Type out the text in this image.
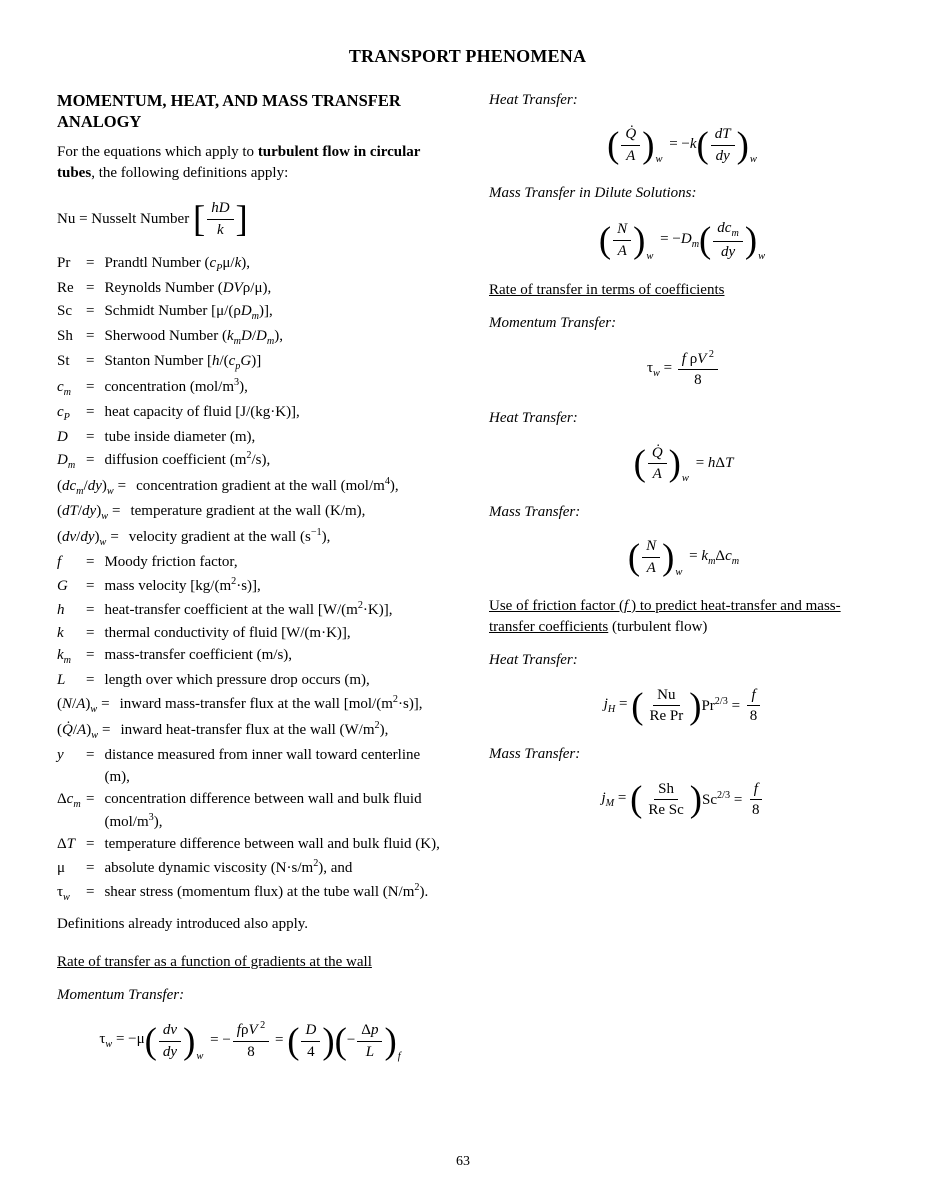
TRANSPORT PHENOMENA
MOMENTUM, HEAT, AND MASS TRANSFER ANALOGY

For the equations which apply to turbulent flow in circular tubes, the following definitions apply:

Nu = Nusselt Number [ $\frac{hD}{k}$
]
Pr	= Prandtl Number $(c_P\mu/k)$,
Re = Reynolds Number (DVρ/μ),
Sc = Schmidt Number $[\mu/(\rho D_m)]$,
Sh = Sherwood Number $(k_mD/D_m)$,
St	= Stanton Number $[h/(c_pG)]$
$c_m$ = concentration $(mol/m^3)$,
$c_P$	= heat capacity of fluid [J/(kg·K)],
D	= tube inside diameter (m),
$D_m$ = diffusion coefficient $(m^2/s)$,
$(dc_m/dy)_w$ = concentration gradient at the wall $(mol/m^4)$,
$(dT/dy)_w$ = temperature gradient at the wall (K/m),
$(dv/dy)_w$ = velocity gradient at the wall $(s^{-1})$,
f	= Moody friction factor,
G	= mass velocity $[kg/(m^2\cdot s)]$,
h	= heat-transfer coefficient at the wall $[W/(m^2\cdot K)]$,
k	= thermal conductivity of fluid [W/(m·K)],
$k_m$ = mass-transfer coefficient (m/s),
L	= length over which pressure drop occurs (m),
$(N/A)_w$ = inward mass-transfer flux at the wall $[mol/(m^2\cdot s)]$,
$(Q̇/A)_w$ = inward heat-transfer flux at the wall $(W/m^2)$,
y	= distance measured from inner wall toward centerline (m),
$\Delta c_m$ = concentration difference between wall and bulk fluid $(mol/m^3)$,
ΔT = temperature difference between wall and bulk fluid (K),
μ	= absolute dynamic viscosity $(N\cdot s/m^2)$, and
$\tau_w$	= shear stress (momentum flux) at the tube wall $(N/m^2)$.

Definitions already introduced also apply.

Rate of transfer as a function of gradients at the wall

Momentum Transfer:

$\tau_w = -\mu$ ( $\frac{dv}{dy}$
) w
= − $\frac{f\rho V ^2}{8}$ = ( $\frac{D}{4}$
) ( − $\frac{\Delta p}{L}$
) f

Heat Transfer:

( $\frac{Q̇}{A}$
) w
= −k ( $\frac{dT}{dy}$
) w

Mass Transfer in Dilute Solutions:

( $\frac{N}{A}$
) w
= $-D_m$ ( $\frac{dc_m}{dy}$
) w
Rate of transfer in terms of coefficients

Momentum Transfer:

$\tau_w = \frac{f \rho V ^2}{8}$

Heat Transfer:

( $\frac{Q̇}{A}$
) w
= hΔT

Mass Transfer:

( $\frac{N}{A}$
) w
= $k_m\Delta c_m$
Use of friction factor (f ) to predict heat-transfer and mass-transfer coefficients (turbulent flow)

Heat Transfer:

$j_H$ = ( $\frac{Nu}{\text{Re Pr}}$
) $Pr^{2/3} = \frac{f}{8}$

Mass Transfer:

$j_M$ = ( $\frac{Sh}{\text{Re Sc}}$
) $Sc^{2/3} = \frac{f}{8}$
63
